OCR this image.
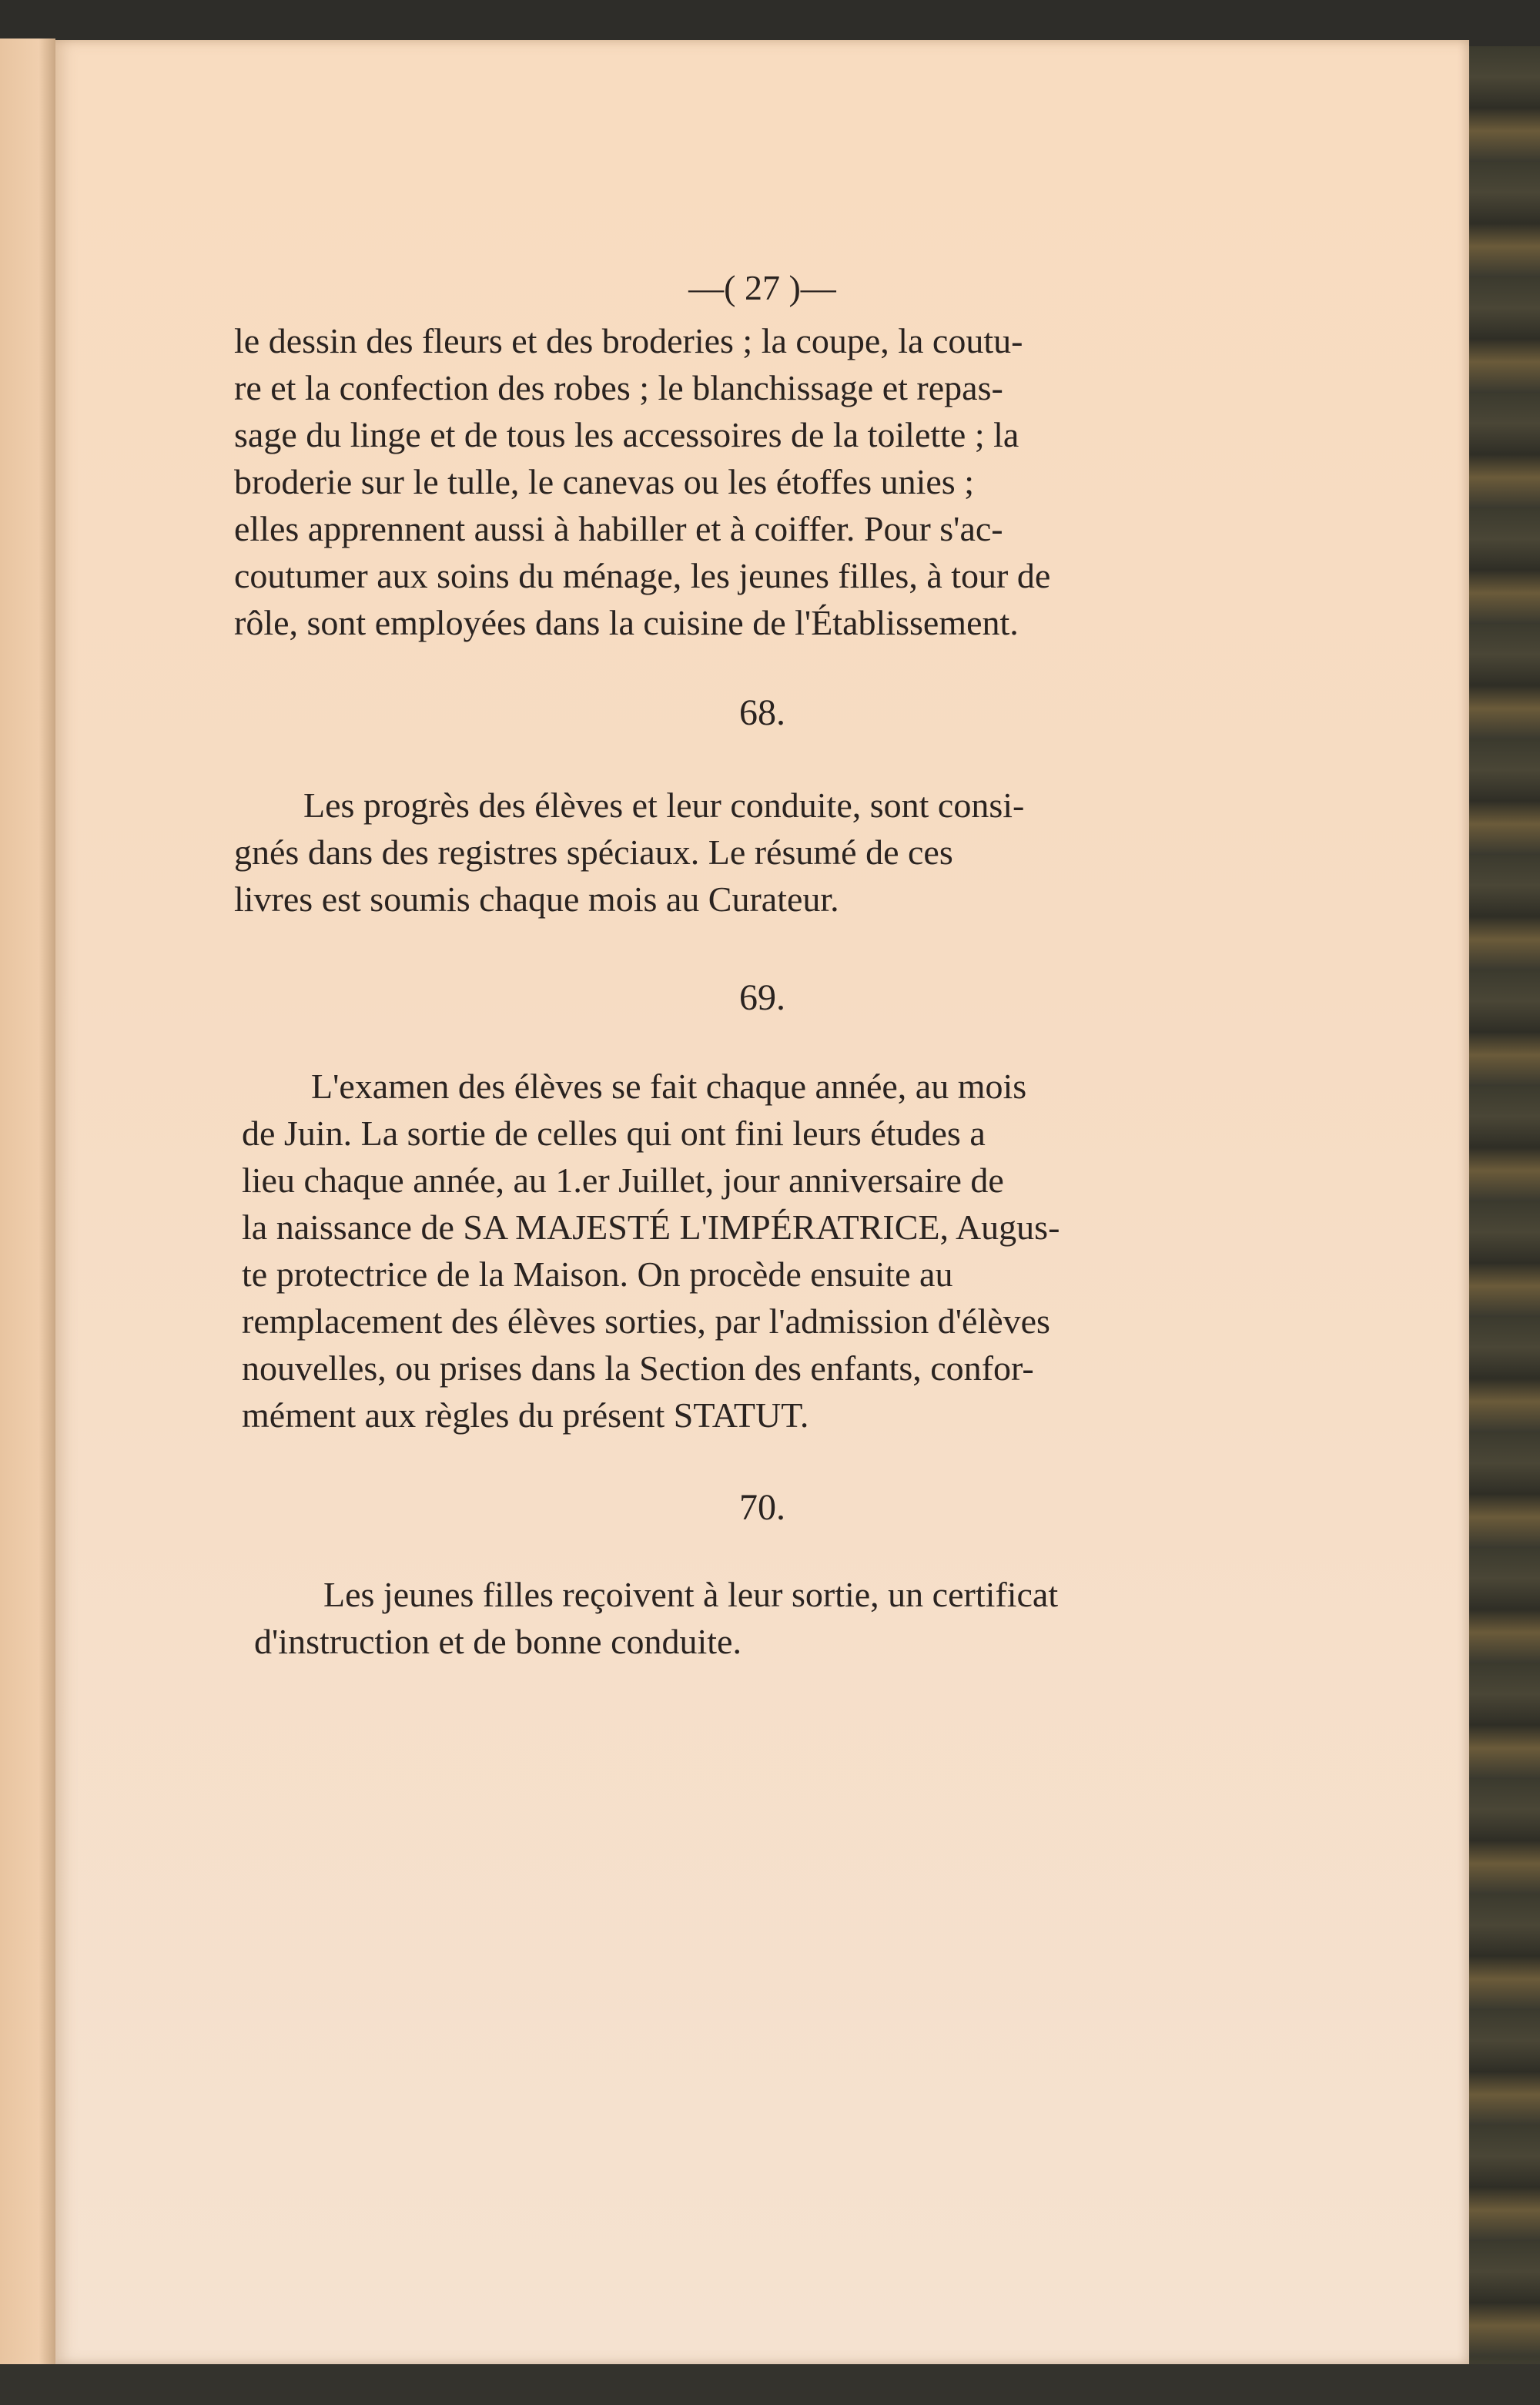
—( 27 )—

le dessin des fleurs et des broderies ; la coupe, la coutu-

re et la confection des robes ; le blanchissage et repas-

sage du linge et de tous les accessoires de la toilette ; la

broderie sur le tulle, le canevas ou les étoffes unies ;

elles apprennent aussi à habiller et à coiffer. Pour s'ac-

coutumer aux soins du ménage, les jeunes filles, à tour de

rôle, sont employées dans la cuisine de l'Établissement.

68.

Les progrès des élèves et leur conduite, sont consi-

gnés dans des registres spéciaux. Le résumé de ces

livres est soumis chaque mois au Curateur.

69.

L'examen des élèves se fait chaque année, au mois

de Juin. La sortie de celles qui ont fini leurs études a

lieu chaque année, au 1.er Juillet, jour anniversaire de

la naissance de SA MAJESTÉ L'IMPÉRATRICE, Augus-

te protectrice de la Maison. On procède ensuite au

remplacement des élèves sorties, par l'admission d'élèves

nouvelles, ou prises dans la Section des enfants, confor-

mément aux règles du présent STATUT.

70.

Les jeunes filles reçoivent à leur sortie, un certificat

d'instruction et de bonne conduite.
